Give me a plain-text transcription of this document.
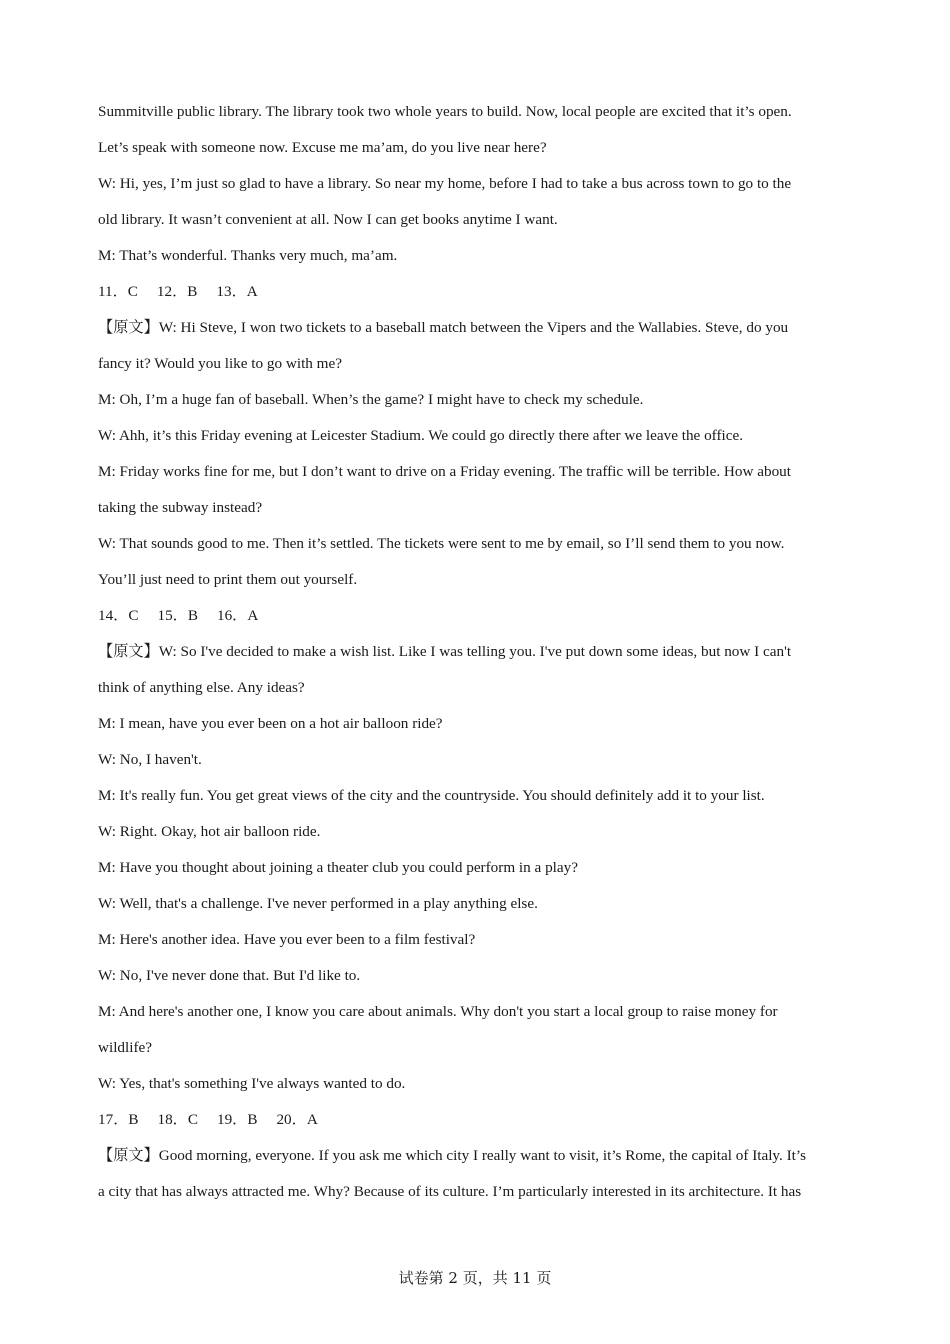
Summitville public library. The library took two whole years to build. Now, local people are excited that it’s open.
Let’s speak with someone now. Excuse me ma’am, do you live near here?
W: Hi, yes, I’m just so glad to have a library. So near my home, before I had to take a bus across town to go to the
old library. It wasn’t convenient at all. Now I can get books anytime I want.
M: That’s wonderful. Thanks very much, ma’am.
11．C　 12．B　 13．A
【原文】W: Hi Steve, I won two tickets to a baseball match between the Vipers and the Wallabies. Steve, do you
fancy it? Would you like to go with me?
M: Oh, I’m a huge fan of baseball. When’s the game? I might have to check my schedule.
W: Ahh, it’s this Friday evening at Leicester Stadium. We could go directly there after we leave the office.
M: Friday works fine for me, but I don’t want to drive on a Friday evening. The traffic will be terrible. How about
taking the subway instead?
W: That sounds good to me. Then it’s settled. The tickets were sent to me by email, so I’ll send them to you now.
You’ll just need to print them out yourself.
14．C　 15．B　 16．A
【原文】W: So I've decided to make a wish list. Like I was telling you. I've put down some ideas, but now I can't
think of anything else. Any ideas?
M: I mean, have you ever been on a hot air balloon ride?
W: No, I haven't.
M: It's really fun. You get great views of the city and the countryside. You should definitely add it to your list.
W: Right. Okay, hot air balloon ride.
M: Have you thought about joining a theater club you could perform in a play?
W: Well, that's a challenge. I've never performed in a play anything else.
M: Here's another idea. Have you ever been to a film festival?
W: No, I've never done that. But I'd like to.
M: And here's another one, I know you care about animals. Why don't you start a local group to raise money for
wildlife?
W: Yes, that's something I've always wanted to do.
17．B　 18．C　 19．B　 20．A
【原文】Good morning, everyone. If you ask me which city I really want to visit, it’s Rome, the capital of Italy. It’s
a city that has always attracted me. Why? Because of its culture. I’m particularly interested in its architecture. It has
试卷第 2 页，共 11 页
